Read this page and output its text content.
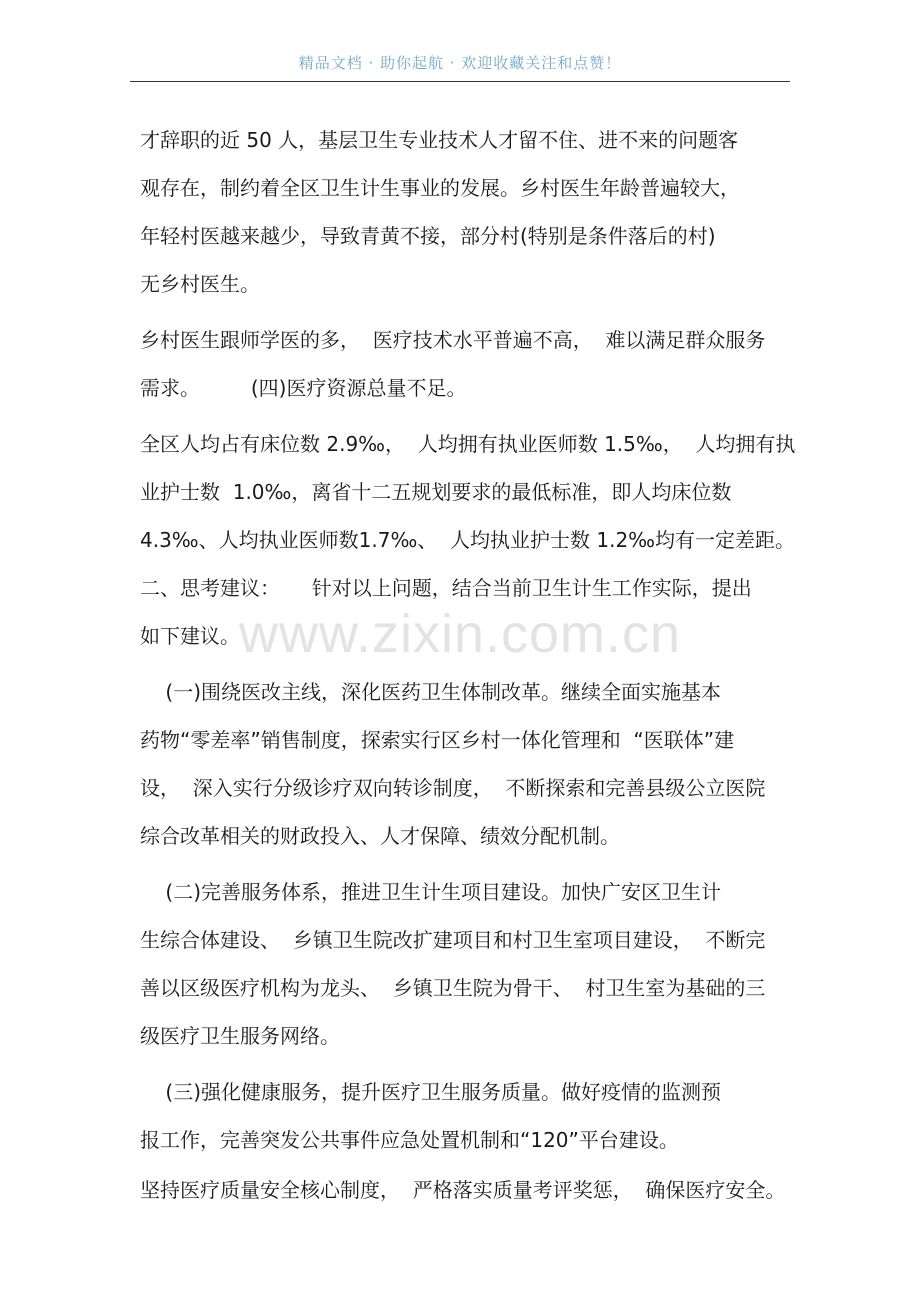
精品文档 · 助你起航 · 欢迎收藏关注和点赞！
www.zixin.com.cn
才辞职的近 50 人，基层卫生专业技术人才留不住、进不来的问题客
观存在，制约着全区卫生计生事业的发展。乡村医生年龄普遍较大，
年轻村医越来越少，导致青黄不接，部分村(特别是条件落后的村)
无乡村医生。
乡村医生跟师学医的多，  医疗技术水平普遍不高，  难以满足群众服务
需求。        (四)医疗资源总量不足。
全区人均占有床位数 2.9‰，  人均拥有执业医师数 1.5‰，  人均拥有执
业护士数  1.0‰，离省十二五规划要求的最低标准，即人均床位数
4.3‰、人均执业医师数1.7‰、  人均执业护士数 1.2‰均有一定差距。
二、思考建议：     针对以上问题，结合当前卫生计生工作实际，提出
如下建议。
(一)围绕医改主线，深化医药卫生体制改革。继续全面实施基本
药物“零差率”销售制度，探索实行区乡村一体化管理和  “医联体”建
设，  深入实行分级诊疗双向转诊制度，  不断探索和完善县级公立医院
综合改革相关的财政投入、人才保障、绩效分配机制。
(二)完善服务体系，推进卫生计生项目建设。加快广安区卫生计
生综合体建设、  乡镇卫生院改扩建项目和村卫生室项目建设，  不断完
善以区级医疗机构为龙头、  乡镇卫生院为骨干、  村卫生室为基础的三
级医疗卫生服务网络。
(三)强化健康服务，提升医疗卫生服务质量。做好疫情的监测预
报工作，完善突发公共事件应急处置机制和“120”平台建设。
坚持医疗质量安全核心制度，  严格落实质量考评奖惩，  确保医疗安全。
